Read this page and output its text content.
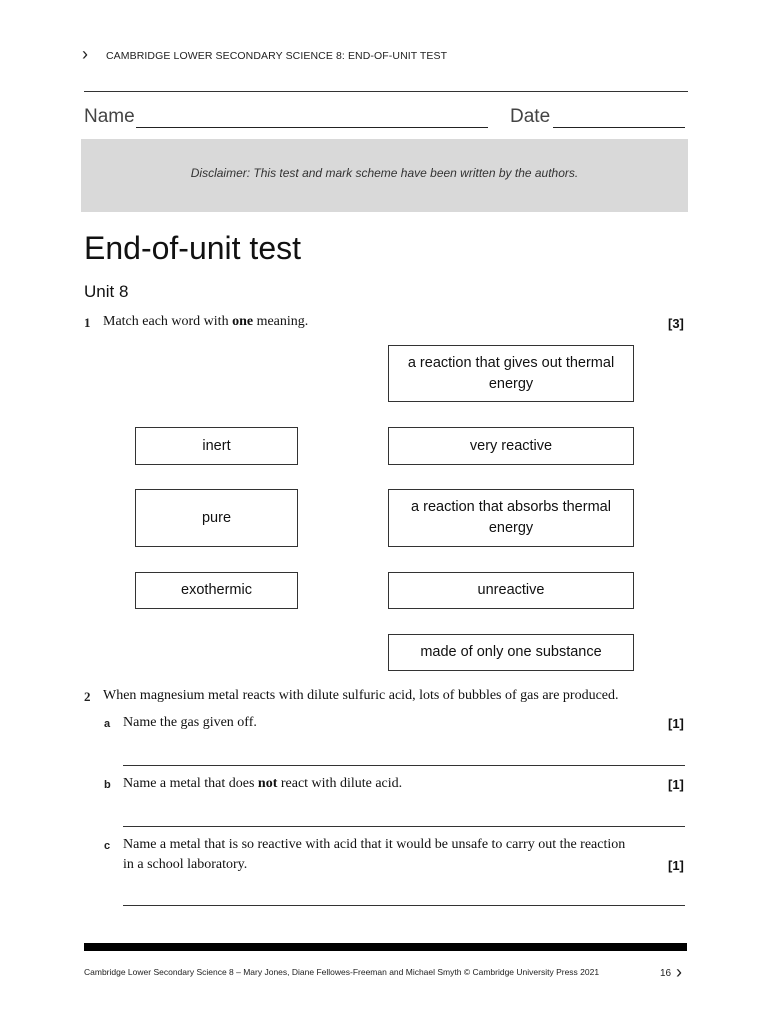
› CAMBRIDGE LOWER SECONDARY SCIENCE 8: END-OF-UNIT TEST
Name	Date
Disclaimer: This test and mark scheme have been written by the authors.
End-of-unit test
Unit 8
1 Match each word with one meaning.	[3]
inert
pure
exothermic
a reaction that gives out thermal energy
very reactive
a reaction that absorbs thermal energy
unreactive
made of only one substance
2 When magnesium metal reacts with dilute sulfuric acid, lots of bubbles of gas are produced.
a Name the gas given off.	[1]
b Name a metal that does not react with dilute acid.	[1]
c Name a metal that is so reactive with acid that it would be unsafe to carry out the reaction
in a school laboratory.	[1]
Cambridge Lower Secondary Science 8 – Mary Jones, Diane Fellowes-Freeman and Michael Smyth © Cambridge University Press 2021	16 ›
